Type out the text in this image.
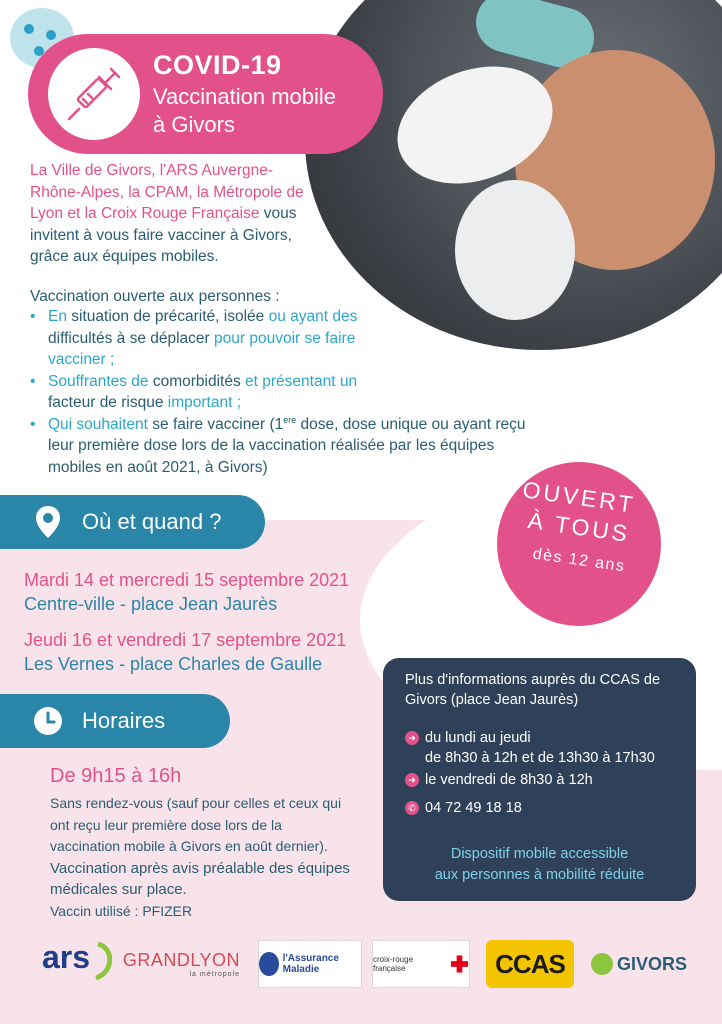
COVID-19
Vaccination mobile
à Givors
La Ville de Givors, l'ARS Auvergne-Rhône-Alpes, la CPAM, la Métropole de Lyon et la Croix Rouge Française vous invitent à vous faire vacciner à Givors, grâce aux équipes mobiles.
Vaccination ouverte aux personnes :
• En situation de précarité, isolée ou ayant des difficultés à se déplacer pour pouvoir se faire vacciner ;
• Souffrantes de comorbidités et présentant un facteur de risque important ;
• Qui souhaitent se faire vacciner (1ere dose, dose unique ou ayant reçu leur première dose lors de la vaccination réalisée par les équipes mobiles en août 2021, à Givors)
OUVERT
À TOUS
dès 12 ans
Où et quand ?
Mardi 14 et mercredi 15 septembre 2021
Centre-ville - place Jean Jaurès
Jeudi 16 et vendredi 17 septembre 2021
Les Vernes - place Charles de Gaulle
Horaires
De 9h15 à 16h
Sans rendez-vous (sauf pour celles et ceux qui ont reçu leur première dose lors de la vaccination mobile à Givors en août dernier).
Vaccination après avis préalable des équipes médicales sur place.
Vaccin utilisé : PFIZER
Plus d'informations auprès du CCAS de Givors (place Jean Jaurès)
➜ du lundi au jeudi
de 8h30 à 12h et de 13h30 à 17h30
➜ le vendredi de 8h30 à 12h
✆ 04 72 49 18 18
Dispositif mobile accessible
aux personnes à mobilité réduite
ars GRANDLYON
la métropole
l'Assurance Maladie
croix-rouge française	CCAS	GIVORS
